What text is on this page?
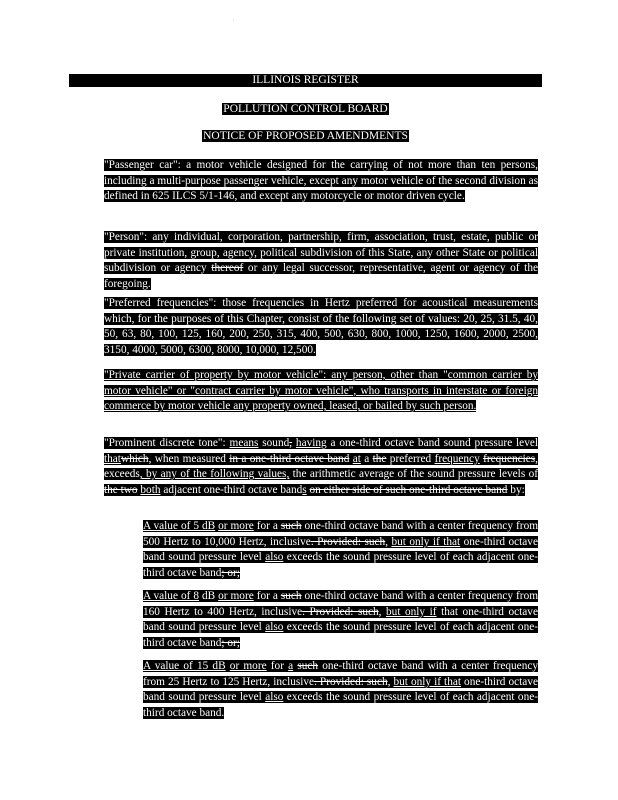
ILLINOIS REGISTER
POLLUTION CONTROL BOARD
NOTICE OF PROPOSED AMENDMENTS
"Passenger car": a motor vehicle designed for the carrying of not more than ten persons, including a multi-purpose passenger vehicle, except any motor vehicle of the second division as defined in 625 ILCS 5/1-146, and except any motorcycle or motor driven cycle.
"Person": any individual, corporation, partnership, firm, association, trust, estate, public or private institution, group, agency, political subdivision of this State, any other State or political subdivision or agency thereof or any legal successor, representative, agent or agency of the foregoing.
"Preferred frequencies": those frequencies in Hertz preferred for acoustical measurements which, for the purposes of this Chapter, consist of the following set of values: 20, 25, 31.5, 40, 50, 63, 80, 100, 125, 160, 200, 250, 315, 400, 500, 630, 800, 1000, 1250, 1600, 2000, 2500, 3150, 4000, 5000, 6300, 8000, 10,000, 12,500.
"Private carrier of property by motor vehicle": any person, other than "common carrier by motor vehicle" or "contract carrier by motor vehicle", who transports in interstate or foreign commerce by motor vehicle any property owned, leased, or bailed by such person.
"Prominent discrete tone": means sound, having a one-third octave band sound pressure level thatwhich, when measured in a one-third octave band at a the preferred frequency frequencies, exceeds, by any of the following values, the arithmetic average of the sound pressure levels of the two both adjacent one-third octave bands on either side of such one-third octave band by:
A value of 5 dB or more for a such one-third octave band with a center frequency from 500 Hertz to 10,000 Hertz, inclusive. Provided: such, but only if that one-third octave band sound pressure level also exceeds the sound pressure level of each adjacent one-third octave band; or;
A value of 8 dB or more for a such one-third octave band with a center frequency from 160 Hertz to 400 Hertz, inclusive. Provided: such, but only if that one-third octave band sound pressure level also exceeds the sound pressure level of each adjacent one-third octave band; or;
A value of 15 dB or more for a such one-third octave band with a center frequency from 25 Hertz to 125 Hertz, inclusive. Provided: such, but only if that one-third octave band sound pressure level also exceeds the sound pressure level of each adjacent one-third octave band.
